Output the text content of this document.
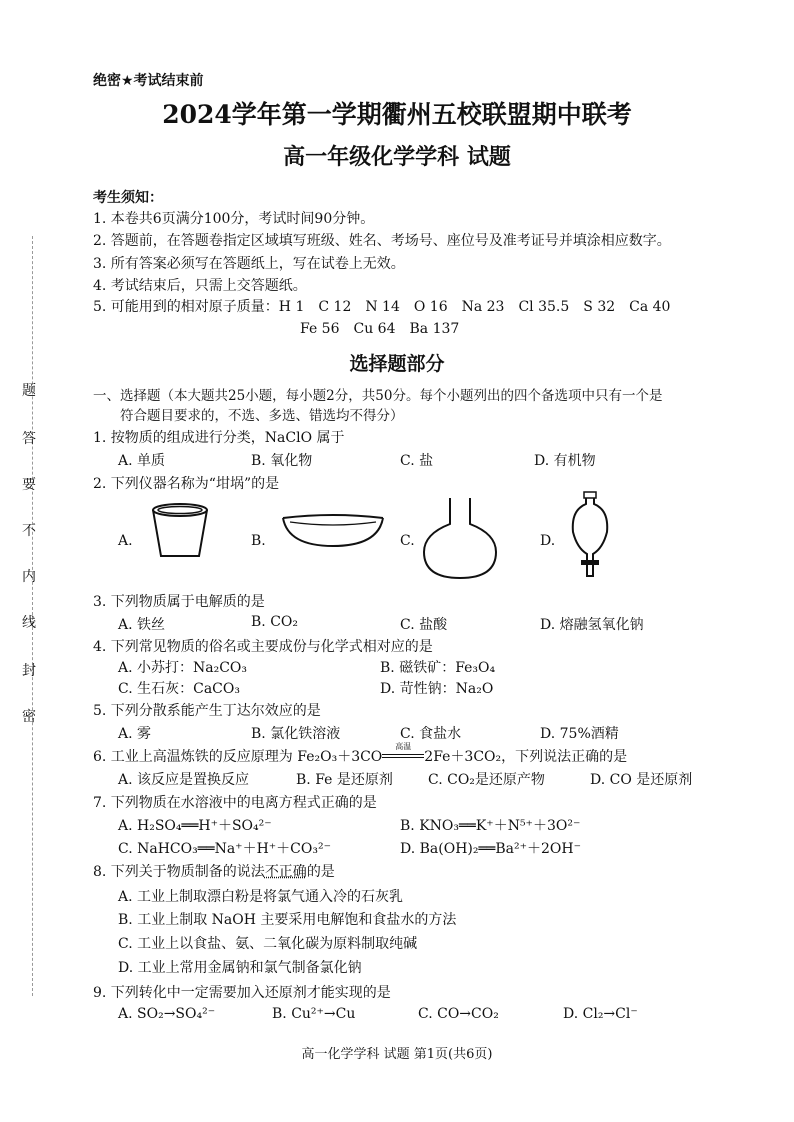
题
答
要
不
内
线
封
密
绝密★考试结束前
2024学年第一学期衢州五校联盟期中联考
高一年级化学学科 试题
考生须知：
1. 本卷共6页满分100分，考试时间90分钟。
2. 答题前，在答题卷指定区域填写班级、姓名、考场号、座位号及准考证号并填涂相应数字。
3. 所有答案必须写在答题纸上，写在试卷上无效。
4. 考试结束后，只需上交答题纸。
5. 可能用到的相对原子质量：H 1　C 12　N 14　O 16　Na 23　Cl 35.5　S 32　Ca 40
Fe 56　Cu 64　Ba 137
选择题部分
一、选择题（本大题共25小题，每小题2分，共50分。每个小题列出的四个备选项中只有一个是
符合题目要求的，不选、多选、错选均不得分）
1. 按物质的组成进行分类，NaClO 属于
A. 单质	B. 氧化物	C. 盐	D. 有机物
2. 下列仪器名称为“坩埚”的是
A.	B.	C.	D.
3. 下列物质属于电解质的是
A. 铁丝	B. CO₂	C. 盐酸	D. 熔融氢氧化钠
4. 下列常见物质的俗名或主要成份与化学式相对应的是
A. 小苏打：Na₂CO₃	B. 磁铁矿：Fe₃O₄
C. 生石灰：CaCO₃	D. 苛性钠：Na₂O
5. 下列分散系能产生丁达尔效应的是
A. 雾	B. 氯化铁溶液	C. 食盐水	D. 75%酒精
6. 工业上高温炼铁的反应原理为 Fe₂O₃＋3CO
高温
2Fe＋3CO₂，下列说法正确的是
A. 该反应是置换反应	B. Fe 是还原剂	C. CO₂是还原产物	D. CO 是还原剂
7. 下列物质在水溶液中的电离方程式正确的是
A. H₂SO₄══H⁺＋SO₄²⁻	B. KNO₃══K⁺＋N⁵⁺＋3O²⁻
C. NaHCO₃══Na⁺＋H⁺＋CO₃²⁻	D. Ba(OH)₂══Ba²⁺＋2OH⁻
8. 下列关于物质制备的说法不正确的是
A. 工业上制取漂白粉是将氯气通入冷的石灰乳
B. 工业上制取 NaOH 主要采用电解饱和食盐水的方法
C. 工业上以食盐、氨、二氧化碳为原料制取纯碱
D. 工业上常用金属钠和氯气制备氯化钠
9. 下列转化中一定需要加入还原剂才能实现的是
A. SO₂→SO₄²⁻	B. Cu²⁺→Cu	C. CO→CO₂	D. Cl₂→Cl⁻
高一化学学科 试题 第1页(共6页)
